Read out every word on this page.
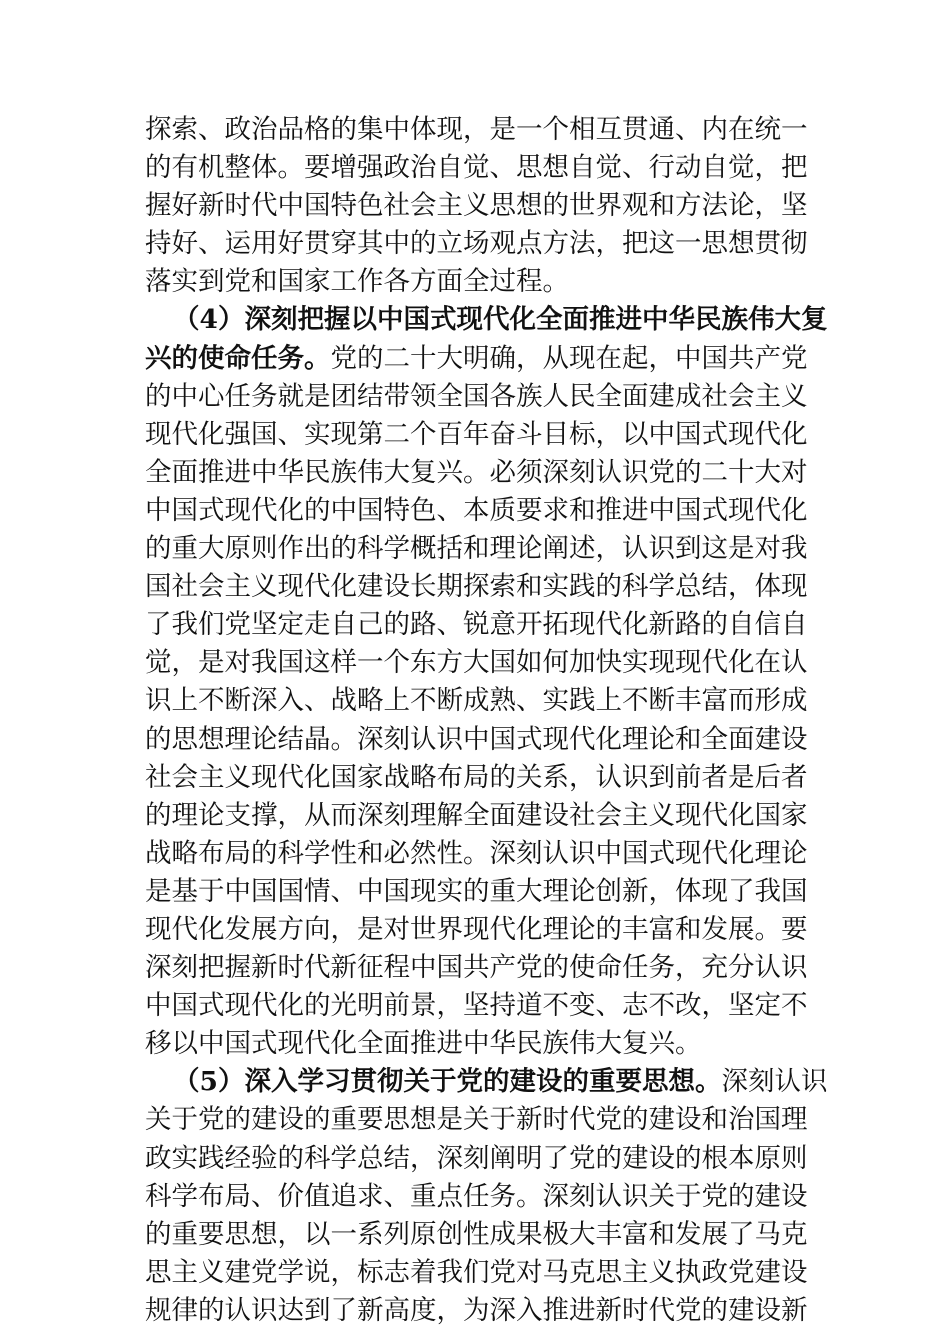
探 索 、 政 治 品 格 的 集 中 体 现 ， 是 一 个 相 互 贯 通 、 内 在 统 一
的 有 机 整 体 。 要 增 强 政 治 自 觉 、 思 想 自 觉 、 行 动 自 觉 ， 把
握 好 新 时 代 中 国 特 色 社 会 主 义 思 想 的 世 界 观 和 方 法 论 ， 坚
持 好 、 运 用 好 贯 穿 其 中 的 立 场 观 点 方 法 ， 把 这 一 思 想 贯 彻
落 实 到 党 和 国 家 工 作 各 方 面 全 过 程 。
（ 4 ） 深 刻 把 握 以 中 国 式 现 代 化 全 面 推 进 中 华 民 族 伟 大 复
兴 的 使 命 任 务 。 党 的 二 十 大 明 确 ， 从 现 在 起 ， 中 国 共 产 党
的 中 心 任 务 就 是 团 结 带 领 全 国 各 族 人 民 全 面 建 成 社 会 主 义
现 代 化 强 国 、 实 现 第 二 个 百 年 奋 斗 目 标 ， 以 中 国 式 现 代 化
全 面 推 进 中 华 民 族 伟 大 复 兴 。 必 须 深 刻 认 识 党 的 二 十 大 对
中 国 式 现 代 化 的 中 国 特 色 、 本 质 要 求 和 推 进 中 国 式 现 代 化
的 重 大 原 则 作 出 的 科 学 概 括 和 理 论 阐 述 ， 认 识 到 这 是 对 我
国 社 会 主 义 现 代 化 建 设 长 期 探 索 和 实 践 的 科 学 总 结 ， 体 现
了 我 们 党 坚 定 走 自 己 的 路 、 锐 意 开 拓 现 代 化 新 路 的 自 信 自
觉 ， 是 对 我 国 这 样 一 个 东 方 大 国 如 何 加 快 实 现 现 代 化 在 认
识 上 不 断 深 入 、 战 略 上 不 断 成 熟 、 实 践 上 不 断 丰 富 而 形 成
的 思 想 理 论 结 晶 。 深 刻 认 识 中 国 式 现 代 化 理 论 和 全 面 建 设
社 会 主 义 现 代 化 国 家 战 略 布 局 的 关 系 ， 认 识 到 前 者 是 后 者
的 理 论 支 撑 ， 从 而 深 刻 理 解 全 面 建 设 社 会 主 义 现 代 化 国 家
战 略 布 局 的 科 学 性 和 必 然 性 。 深 刻 认 识 中 国 式 现 代 化 理 论
是 基 于 中 国 国 情 、 中 国 现 实 的 重 大 理 论 创 新 ， 体 现 了 我 国
现 代 化 发 展 方 向 ， 是 对 世 界 现 代 化 理 论 的 丰 富 和 发 展 。 要
深 刻 把 握 新 时 代 新 征 程 中 国 共 产 党 的 使 命 任 务 ， 充 分 认 识
中 国 式 现 代 化 的 光 明 前 景 ， 坚 持 道 不 变 、 志 不 改 ， 坚 定 不
移 以 中 国 式 现 代 化 全 面 推 进 中 华 民 族 伟 大 复 兴 。
（ 5 ） 深 入 学 习 贯 彻 关 于 党 的 建 设 的 重 要 思 想 。 深 刻 认 识
关 于 党 的 建 设 的 重 要 思 想 是 关 于 新 时 代 党 的 建 设 和 治 国 理
政 实 践 经 验 的 科 学 总 结 ， 深 刻 阐 明 了 党 的 建 设 的 根 本 原 则
科 学 布 局 、 价 值 追 求 、 重 点 任 务 。 深 刻 认 识 关 于 党 的 建 设
的 重 要 思 想 ， 以 一 系 列 原 创 性 成 果 极 大 丰 富 和 发 展 了 马 克
思 主 义 建 党 学 说 ， 标 志 着 我 们 党 对 马 克 思 主 义 执 政 党 建 设
规 律 的 认 识 达 到 了 新 高 度 ， 为 深 入 推 进 新 时 代 党 的 建 设 新
